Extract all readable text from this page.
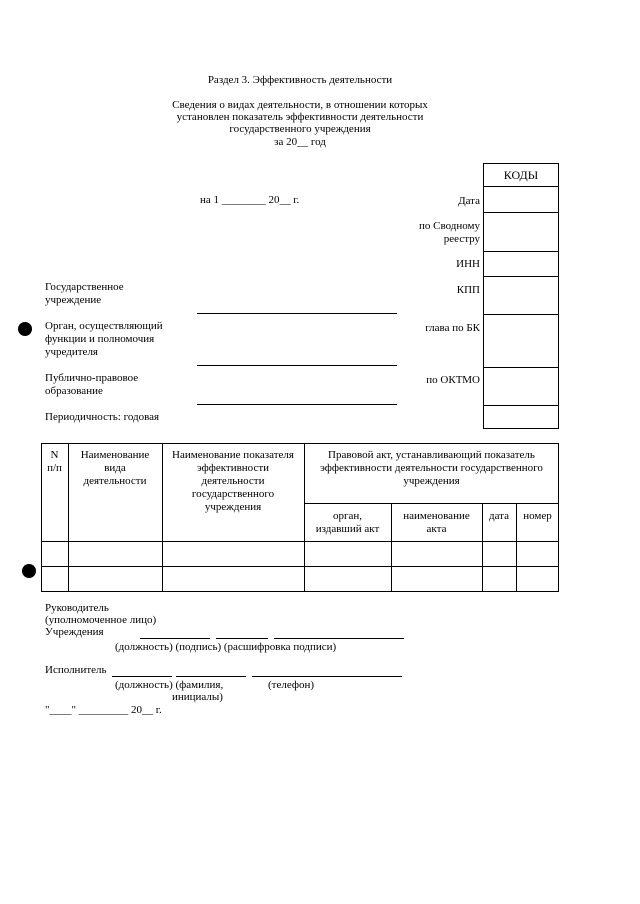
Раздел 3. Эффективность деятельности
Сведения о видах деятельности, в отношении которых
установлен показатель эффективности деятельности
государственного учреждения
за 20__ год
КОДЫ
Дата
по Сводному
реестру
ИНН
КПП
глава по БК
по ОКТМО
на 1 ________ 20__ г.
Государственное
учреждение
Орган, осуществляющий
функции и полномочия
учредителя
Публично-правовое
образование
Периодичность: годовая
N
п/п
Наименование
вида
деятельности
Наименование показателя
эффективности
деятельности
государственного
учреждения
Правовой акт, устанавливающий показатель
эффективности деятельности государственного
учреждения
орган,
издавший акт
наименование
акта
дата	номер
Руководитель
(уполномоченное лицо)
Учреждения
(должность) (подпись) (расшифровка подписи)
Исполнитель
(должность) (фамилия,	(телефон)
инициалы)
"____" _________ 20__ г.
